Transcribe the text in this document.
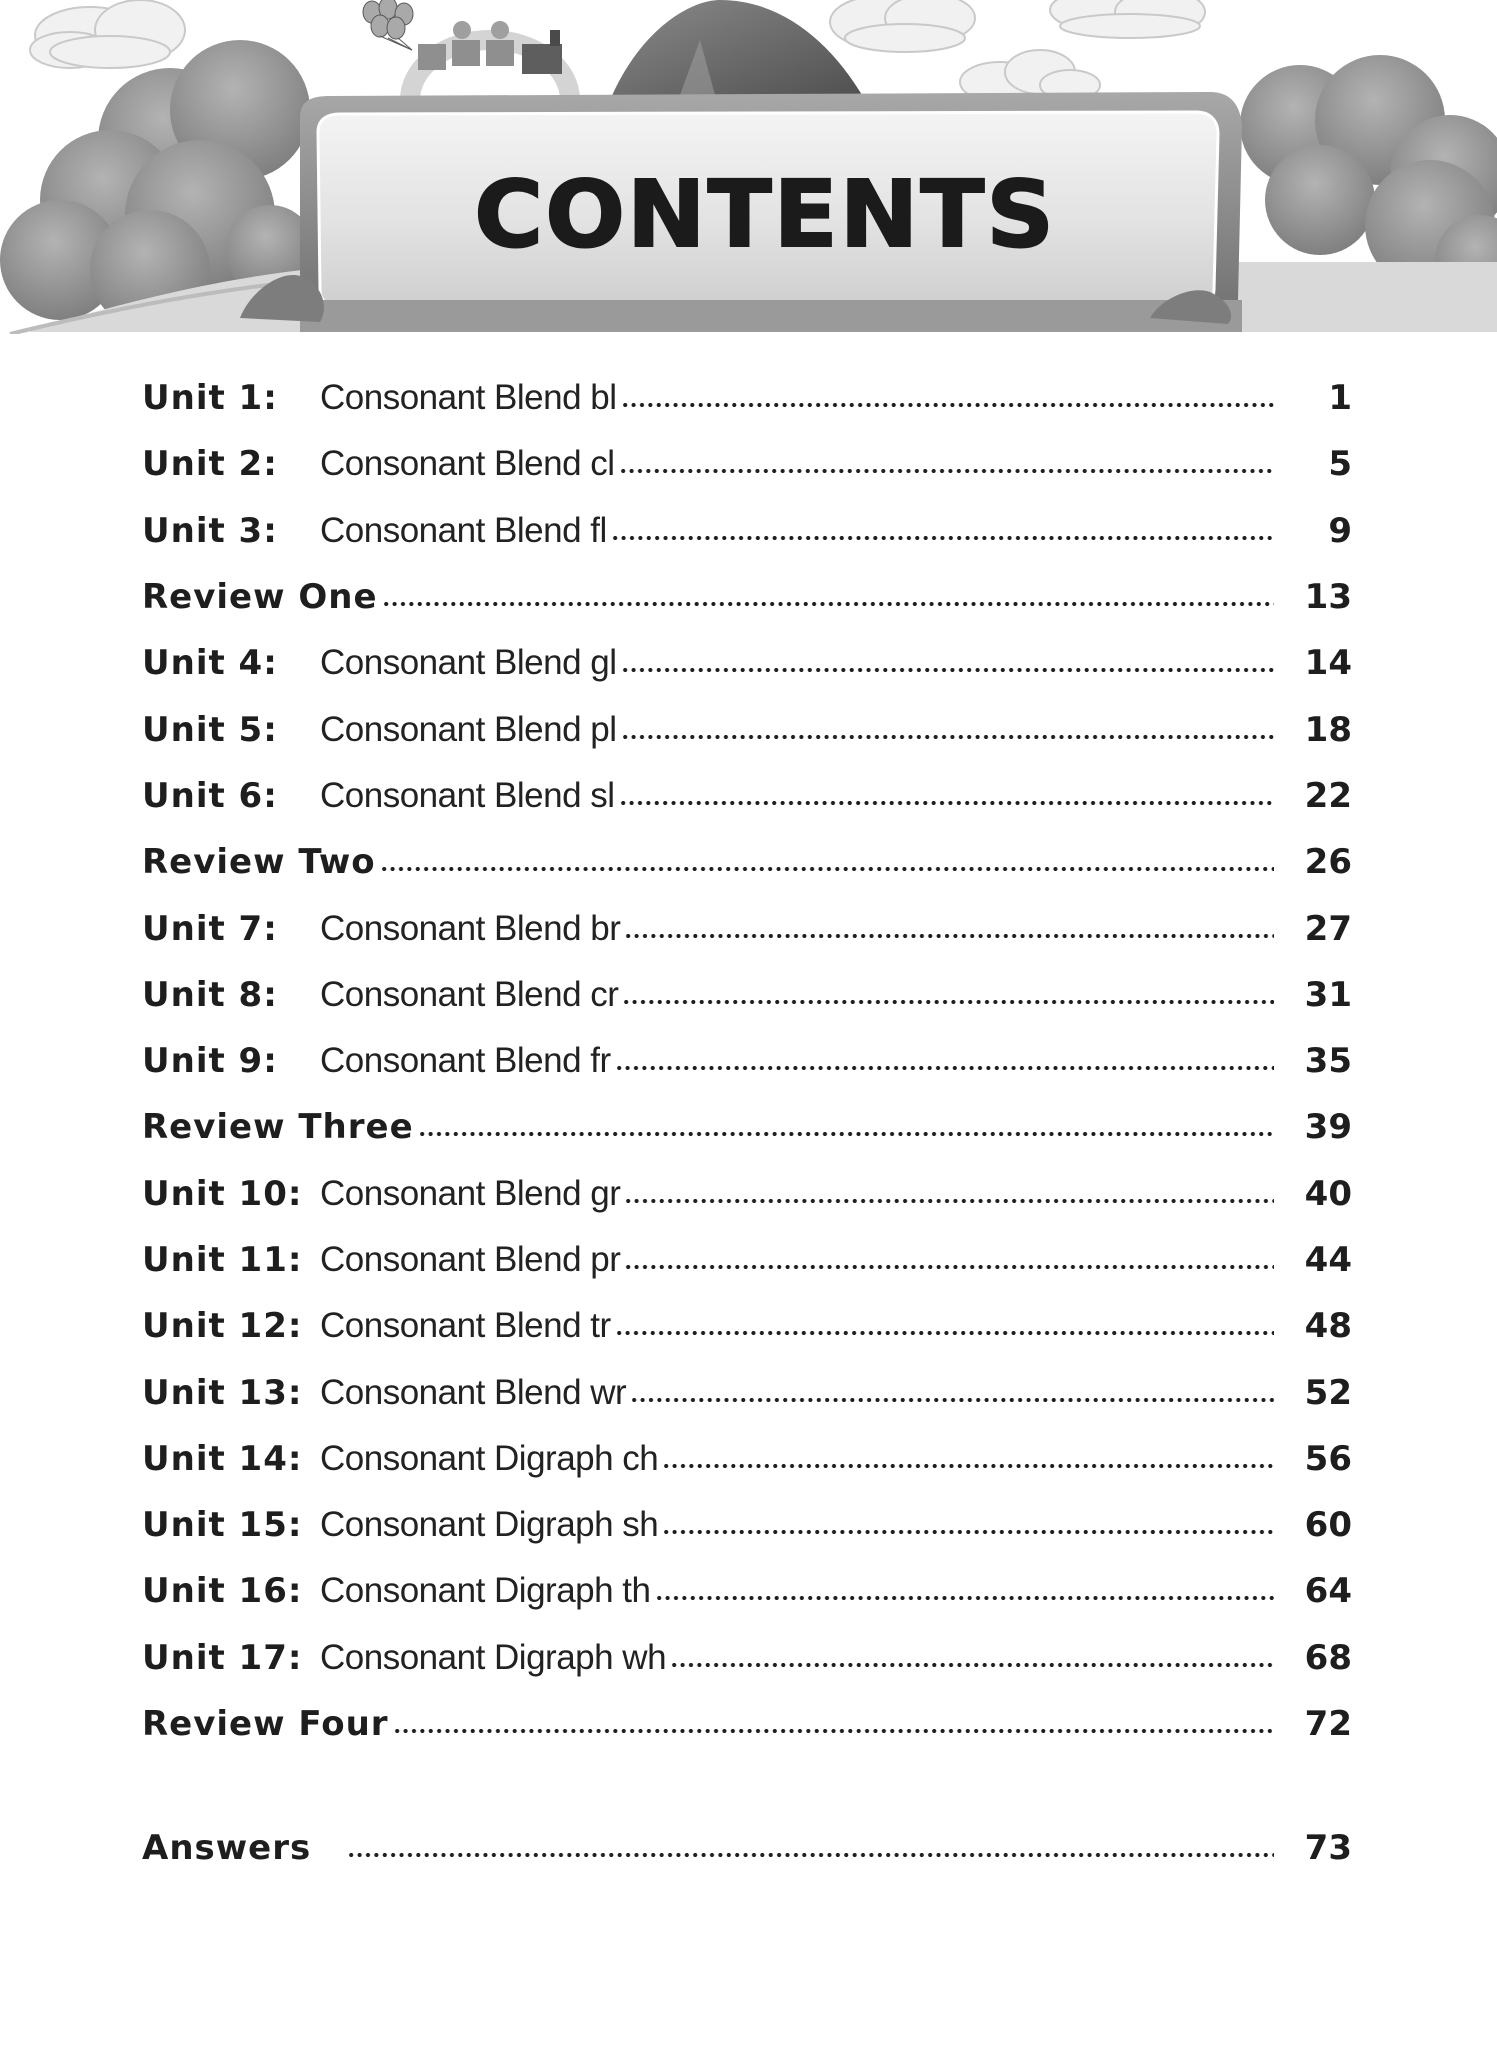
CONTENTS
Unit 1:	Consonant Blend bl	1
Unit 2:	Consonant Blend cl	5
Unit 3:	Consonant Blend fl	9
Review One	13
Unit 4:	Consonant Blend gl	14
Unit 5:	Consonant Blend pl	18
Unit 6:	Consonant Blend sl	22
Review Two	26
Unit 7:	Consonant Blend br	27
Unit 8:	Consonant Blend cr	31
Unit 9:	Consonant Blend fr	35
Review Three	39
Unit 10: Consonant Blend gr	40
Unit 11: Consonant Blend pr	44
Unit 12: Consonant Blend tr	48
Unit 13: Consonant Blend wr	52
Unit 14: Consonant Digraph ch	56
Unit 15: Consonant Digraph sh	60
Unit 16: Consonant Digraph th	64
Unit 17: Consonant Digraph wh	68
Review Four	72
Answers	73
